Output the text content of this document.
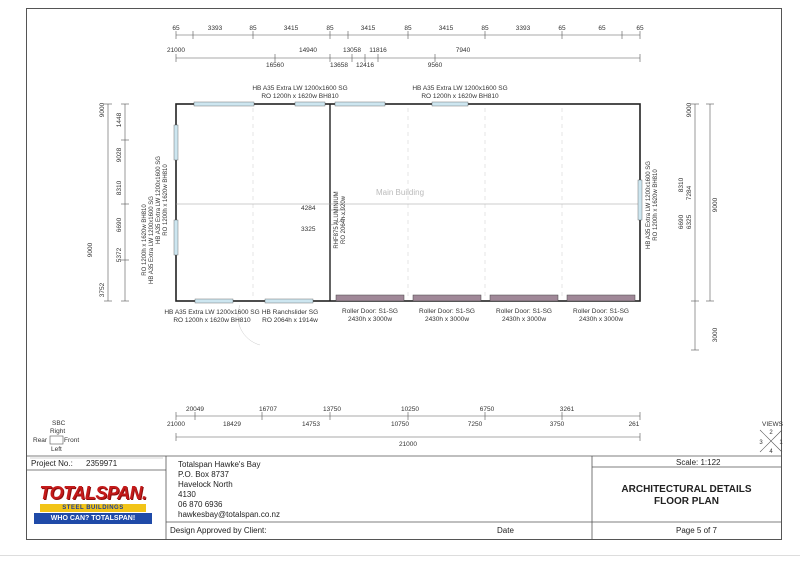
65	3393	85	3415	85	3415	85	3415	85	3393	65	65	65
21000	14940	13058 11816	7940
16560	13658 12416	9560
HB A35 Extra LW 1200x1600 SG
RO 1200h x 1620w BH810
HB A35 Extra LW 1200x1600 SG
RO 1200h x 1620w BH810
HB A35 Extra LW 1200x1600 SG
RO 1200h x 1620w BH810
HB Ranchslider SG
RO 2064h x 1914w
Main Building
Roller Door: S1-SG
2430h x 3000w
Roller Door: S1-SG
2430h x 3000w
Roller Door: S1-SG
2430h x 3000w
Roller Door: S1-SG
2430h x 3000w
4284
3325
HB A35 Extra LW 1200x1600 SG RO 1200h x 1620w BH810
HB A35 Extra LW 1200x1600 SG
RO 1200h x 1620w BH810	HB A35 Extra LW 1200x1600 SG RO 1200h x 1620w BH810
RHF875 ALUMINIUM RO 2064h x 920w
9000
9000
3752
1448
9028
8310
6690
5372
9000
8310
6690 6325
7284
3000
9000
20049	16707	13750	10250	6750	3261
21000	18429	14753	10750	7250	3750	261
21000
SBC
Right
Rear	Front
Left
VIEWS
2
1
3
4
Project No.: 2359971
TOTALSPAN.
STEEL BUILDINGS
WHO CAN? TOTALSPAN!
Totalspan Hawke's Bay
P.O. Box 8737
Havelock North
4130
06 870 6936
hawkesbay@totalspan.co.nz
Design Approved by Client:	Date
Scale: 1:122
ARCHITECTURAL DETAILS
FLOOR PLAN
Page 5 of 7
